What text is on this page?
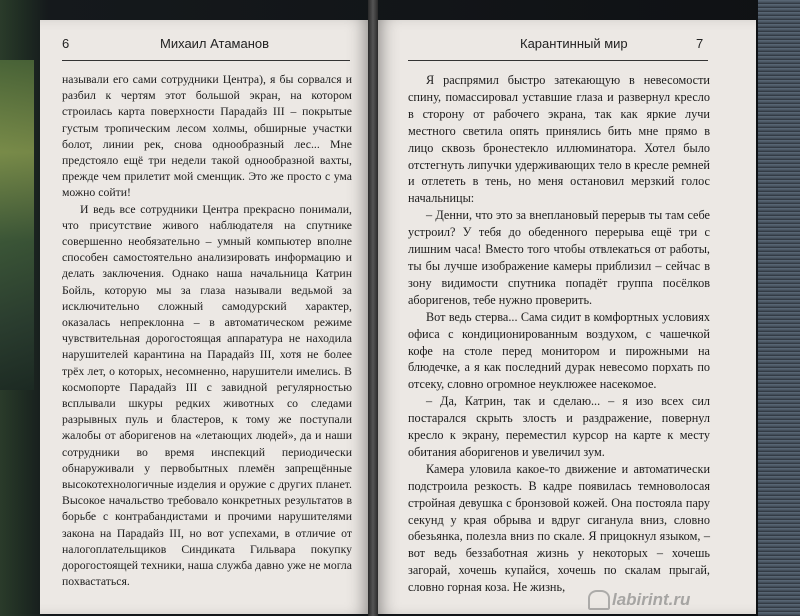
6	Михаил Атаманов	Карантинный мир	7

называли его сами сотрудники Центра), я бы сорвался и разбил к чертям этот большой экран, на котором строилась карта поверхности Парадайз III – покрытые густым тропическим лесом холмы, обширные участки болот, линии рек, снова однообразный лес... Мне предстояло ещё три недели такой однообразной вахты, прежде чем прилетит мой сменщик. Это же просто с ума можно сойти!

И ведь все сотрудники Центра прекрасно понимали, что присутствие живого наблюдателя на спутнике совершенно необязательно – умный компьютер вполне способен самостоятельно анализировать информацию и делать заключения. Однако наша начальница Катрин Бойль, которую мы за глаза называли ведьмой за исключительно сложный самодурский характер, оказалась непреклонна – в автоматическом режиме чувствительная дорогостоящая аппаратура не находила нарушителей карантина на Парадайз III, хотя не более трёх лет, о которых, несомненно, нарушители имелись. В космопорте Парадайз III с завидной регулярностью всплывали шкуры редких животных со следами разрывных пуль и бластеров, к тому же поступали жалобы от аборигенов на «летающих людей», да и наши сотрудники во время инспекций периодически обнаруживали у первобытных племён запрещённые высокотехнологичные изделия и оружие с других планет. Высокое начальство требовало конкретных результатов в борьбе с контрабандистами и прочими нарушителями закона на Парадайз III, но вот успехами, в отличие от налогоплательщиков Синдиката Гильвара покупку дорогостоящей техники, наша служба давно уже не могла похвастаться.

Я распрямил быстро затекающую в невесомости спину, помассировал уставшие глаза и развернул кресло в сторону от рабочего экрана, так как яркие лучи местного светила опять принялись бить мне прямо в лицо сквозь бронестекло иллюминатора. Хотел было отстегнуть липучки удерживающих тело в кресле ремней и отлететь в тень, но меня остановил мерзкий голос начальницы:

– Денни, что это за внеплановый перерыв ты там себе устроил? У тебя до обеденного перерыва ещё три с лишним часа! Вместо того чтобы отвлекаться от работы, ты бы лучше изображение камеры приблизил – сейчас в зону видимости спутника попадёт группа посёлков аборигенов, тебе нужно проверить.

Вот ведь стерва... Сама сидит в комфортных условиях офиса с кондиционированным воздухом, с чашечкой кофе на столе перед монитором и пирожными на блюдечке, а я как последний дурак невесомо порхать по отсеку, словно огромное неуклюжее насекомое.

– Да, Катрин, так и сделаю... – я изо всех сил постарался скрыть злость и раздражение, повернул кресло к экрану, переместил курсор на карте к месту обитания аборигенов и увеличил зум.

Камера уловила какое-то движение и автоматически подстроила резкость. В кадре появилась темноволосая стройная девушка с бронзовой кожей. Она постояла пару секунд у края обрыва и вдруг сиганула вниз, словно обезьянка, полезла вниз по скале. Я прицокнул языком, – вот ведь беззаботная жизнь у некоторых – хочешь загорай, хочешь купайся, хочешь по скалам прыгай, словно горная коза. Не жизнь,

labirint.ru
